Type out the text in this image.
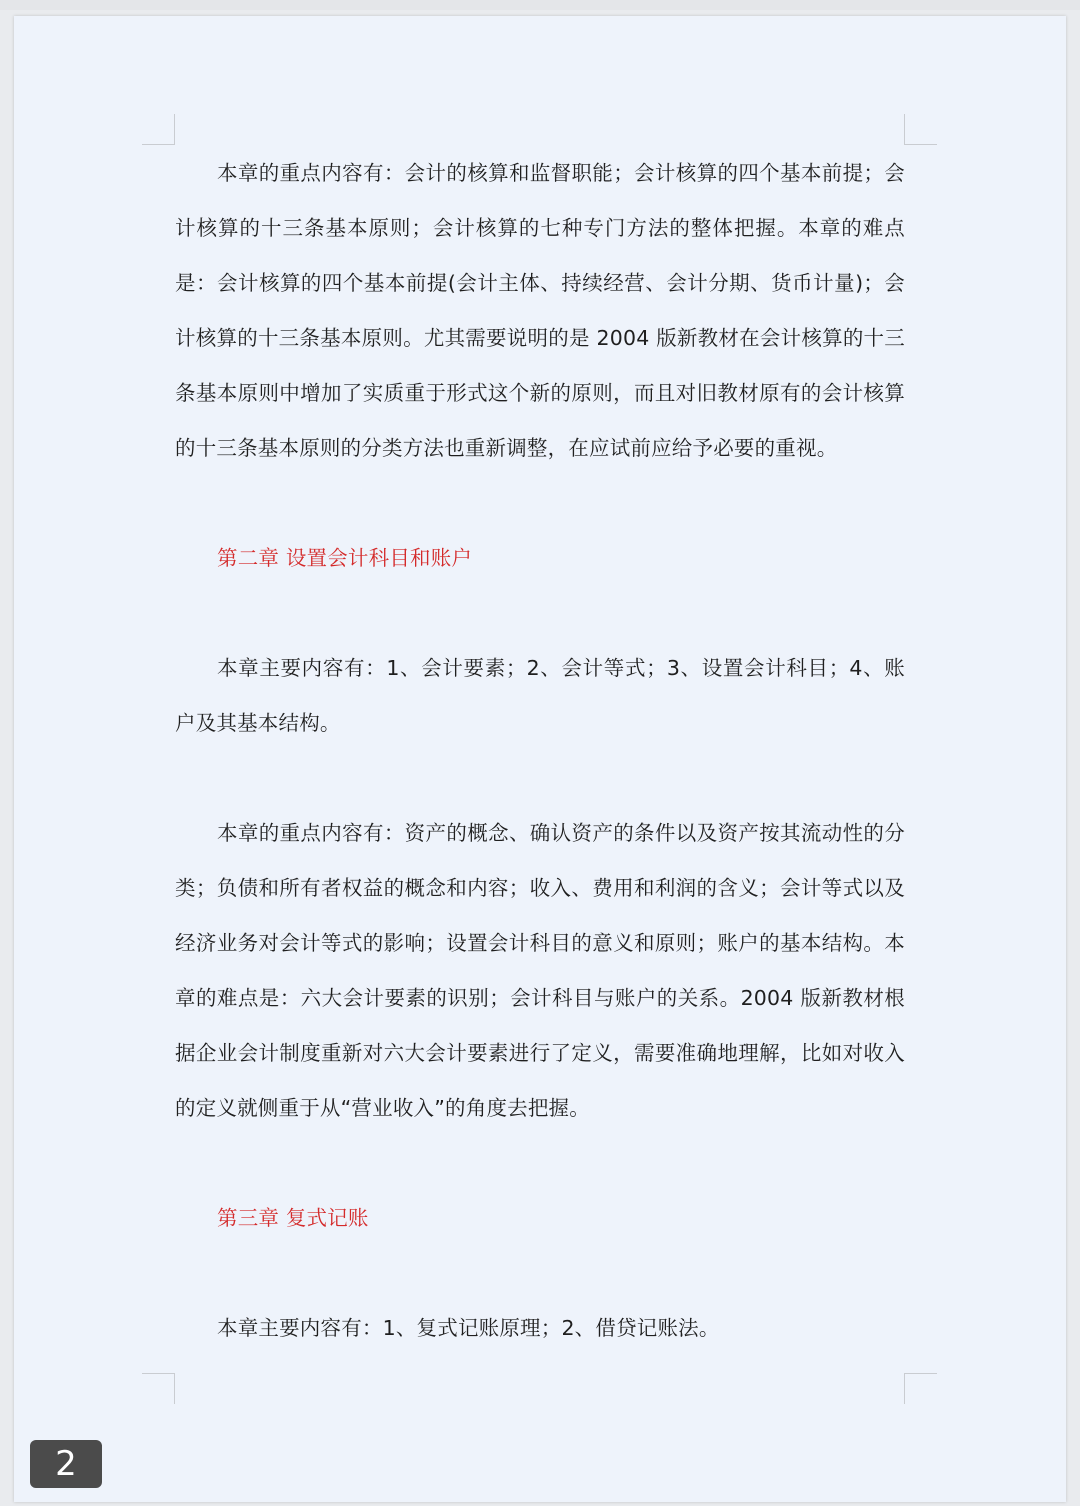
本章的重点内容有：会计的核算和监督职能；会计核算的四个基本前提；会计核算的十三条基本原则；会计核算的七种专门方法的整体把握。本章的难点是：会计核算的四个基本前提(会计主体、持续经营、会计分期、货币计量)；会计核算的十三条基本原则。尤其需要说明的是 2004 版新教材在会计核算的十三条基本原则中增加了实质重于形式这个新的原则，而且对旧教材原有的会计核算的十三条基本原则的分类方法也重新调整，在应试前应给予必要的重视。

第二章 设置会计科目和账户

本章主要内容有：1、会计要素；2、会计等式；3、设置会计科目；4、账户及其基本结构。

本章的重点内容有：资产的概念、确认资产的条件以及资产按其流动性的分类；负债和所有者权益的概念和内容；收入、费用和利润的含义；会计等式以及经济业务对会计等式的影响；设置会计科目的意义和原则；账户的基本结构。本章的难点是：六大会计要素的识别；会计科目与账户的关系。2004 版新教材根据企业会计制度重新对六大会计要素进行了定义，需要准确地理解，比如对收入的定义就侧重于从“营业收入”的角度去把握。

第三章 复式记账

本章主要内容有：1、复式记账原理；2、借贷记账法。

2
